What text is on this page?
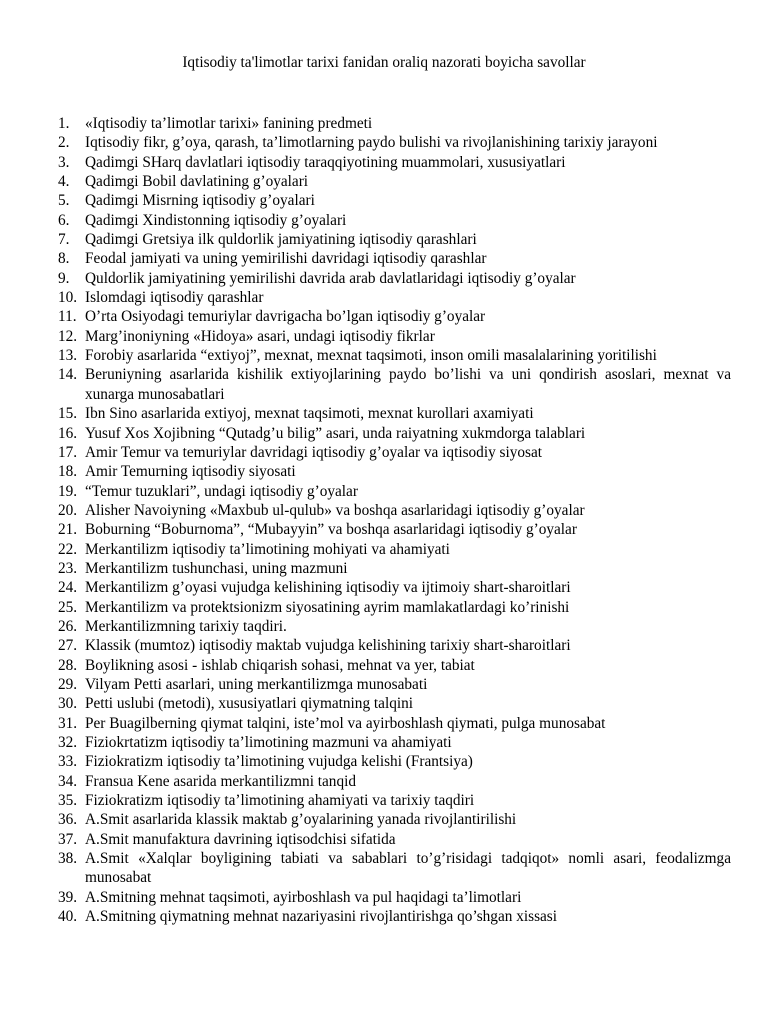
Iqtisodiy ta'limotlar tarixi fanidan oraliq nazorati boyicha savollar
1. «Iqtisodiy ta’limotlar tarixi» fanining predmeti
2. Iqtisodiy fikr, g’oya, qarash, ta’limotlarning paydo bulishi va rivojlanishining tarixiy jarayoni
3. Qadimgi SHarq davlatlari iqtisodiy taraqqiyotining muammolari, xususiyatlari
4. Qadimgi Bobil davlatining g’oyalari
5. Qadimgi Misrning iqtisodiy g’oyalari
6. Qadimgi Xindistonning iqtisodiy g’oyalari
7. Qadimgi Gretsiya ilk quldorlik jamiyatining iqtisodiy qarashlari
8. Feodal jamiyati va uning yemirilishi davridagi iqtisodiy qarashlar
9. Quldorlik jamiyatining yemirilishi davrida arab davlatlaridagi iqtisodiy g’oyalar
10. Islomdagi iqtisodiy qarashlar
11. O’rta Osiyodagi temuriylar davrigacha bo’lgan iqtisodiy g’oyalar
12. Marg’inoniyning «Hidoya» asari, undagi iqtisodiy fikrlar
13. Forobiy asarlarida “extiyoj”, mexnat, mexnat taqsimoti, inson omili masalalarining yoritilishi
14. Beruniyning asarlarida kishilik extiyojlarining paydo bo’lishi va uni qondirish asoslari, mexnat va xunarga munosabatlari
15. Ibn Sino asarlarida extiyoj, mexnat taqsimoti, mexnat kurollari axamiyati
16. Yusuf Xos Xojibning “Qutadg’u bilig” asari, unda raiyatning xukmdorga talablari
17. Amir Temur va temuriylar davridagi iqtisodiy g’oyalar va iqtisodiy siyosat
18. Amir Temurning iqtisodiy siyosati
19. “Temur tuzuklari”, undagi iqtisodiy g’oyalar
20. Alisher Navoiyning «Maxbub ul-qulub» va boshqa asarlaridagi iqtisodiy g’oyalar
21. Boburning “Boburnoma”, “Mubayyin” va boshqa asarlaridagi iqtisodiy g’oyalar
22. Merkantilizm iqtisodiy ta’limotining mohiyati va ahamiyati
23. Merkantilizm tushunchasi, uning mazmuni
24. Merkantilizm g’oyasi vujudga kelishining iqtisodiy va ijtimoiy shart-sharoitlari
25. Merkantilizm va protektsionizm siyosatining ayrim mamlakatlardagi ko’rinishi
26. Merkantilizmning tarixiy taqdiri.
27. Klassik (mumtoz) iqtisodiy maktab vujudga kelishining tarixiy shart-sharoitlari
28. Boylikning asosi - ishlab chiqarish sohasi, mehnat va yer, tabiat
29. Vilyam Petti asarlari, uning merkantilizmga munosabati
30. Petti uslubi (metodi), xususiyatlari qiymatning talqini
31. Per Buagilberning qiymat talqini, iste’mol va ayirboshlash qiymati, pulga munosabat
32. Fiziokrtatizm iqtisodiy ta’limotining mazmuni va ahamiyati
33. Fiziokratizm iqtisodiy ta’limotining vujudga kelishi (Frantsiya)
34. Fransua Kene asarida merkantilizmni tanqid
35. Fiziokratizm iqtisodiy ta’limotining ahamiyati va tarixiy taqdiri
36. A.Smit asarlarida klassik maktab g’oyalarining yanada rivojlantirilishi
37. A.Smit manufaktura davrining iqtisodchisi sifatida
38. A.Smit «Xalqlar boyligining tabiati va sabablari to’g’risidagi tadqiqot» nomli asari, feodalizmga munosabat
39. A.Smitning mehnat taqsimoti, ayirboshlash va pul haqidagi ta’limotlari
40. A.Smitning qiymatning mehnat nazariyasini rivojlantirishga qo’shgan xissasi
